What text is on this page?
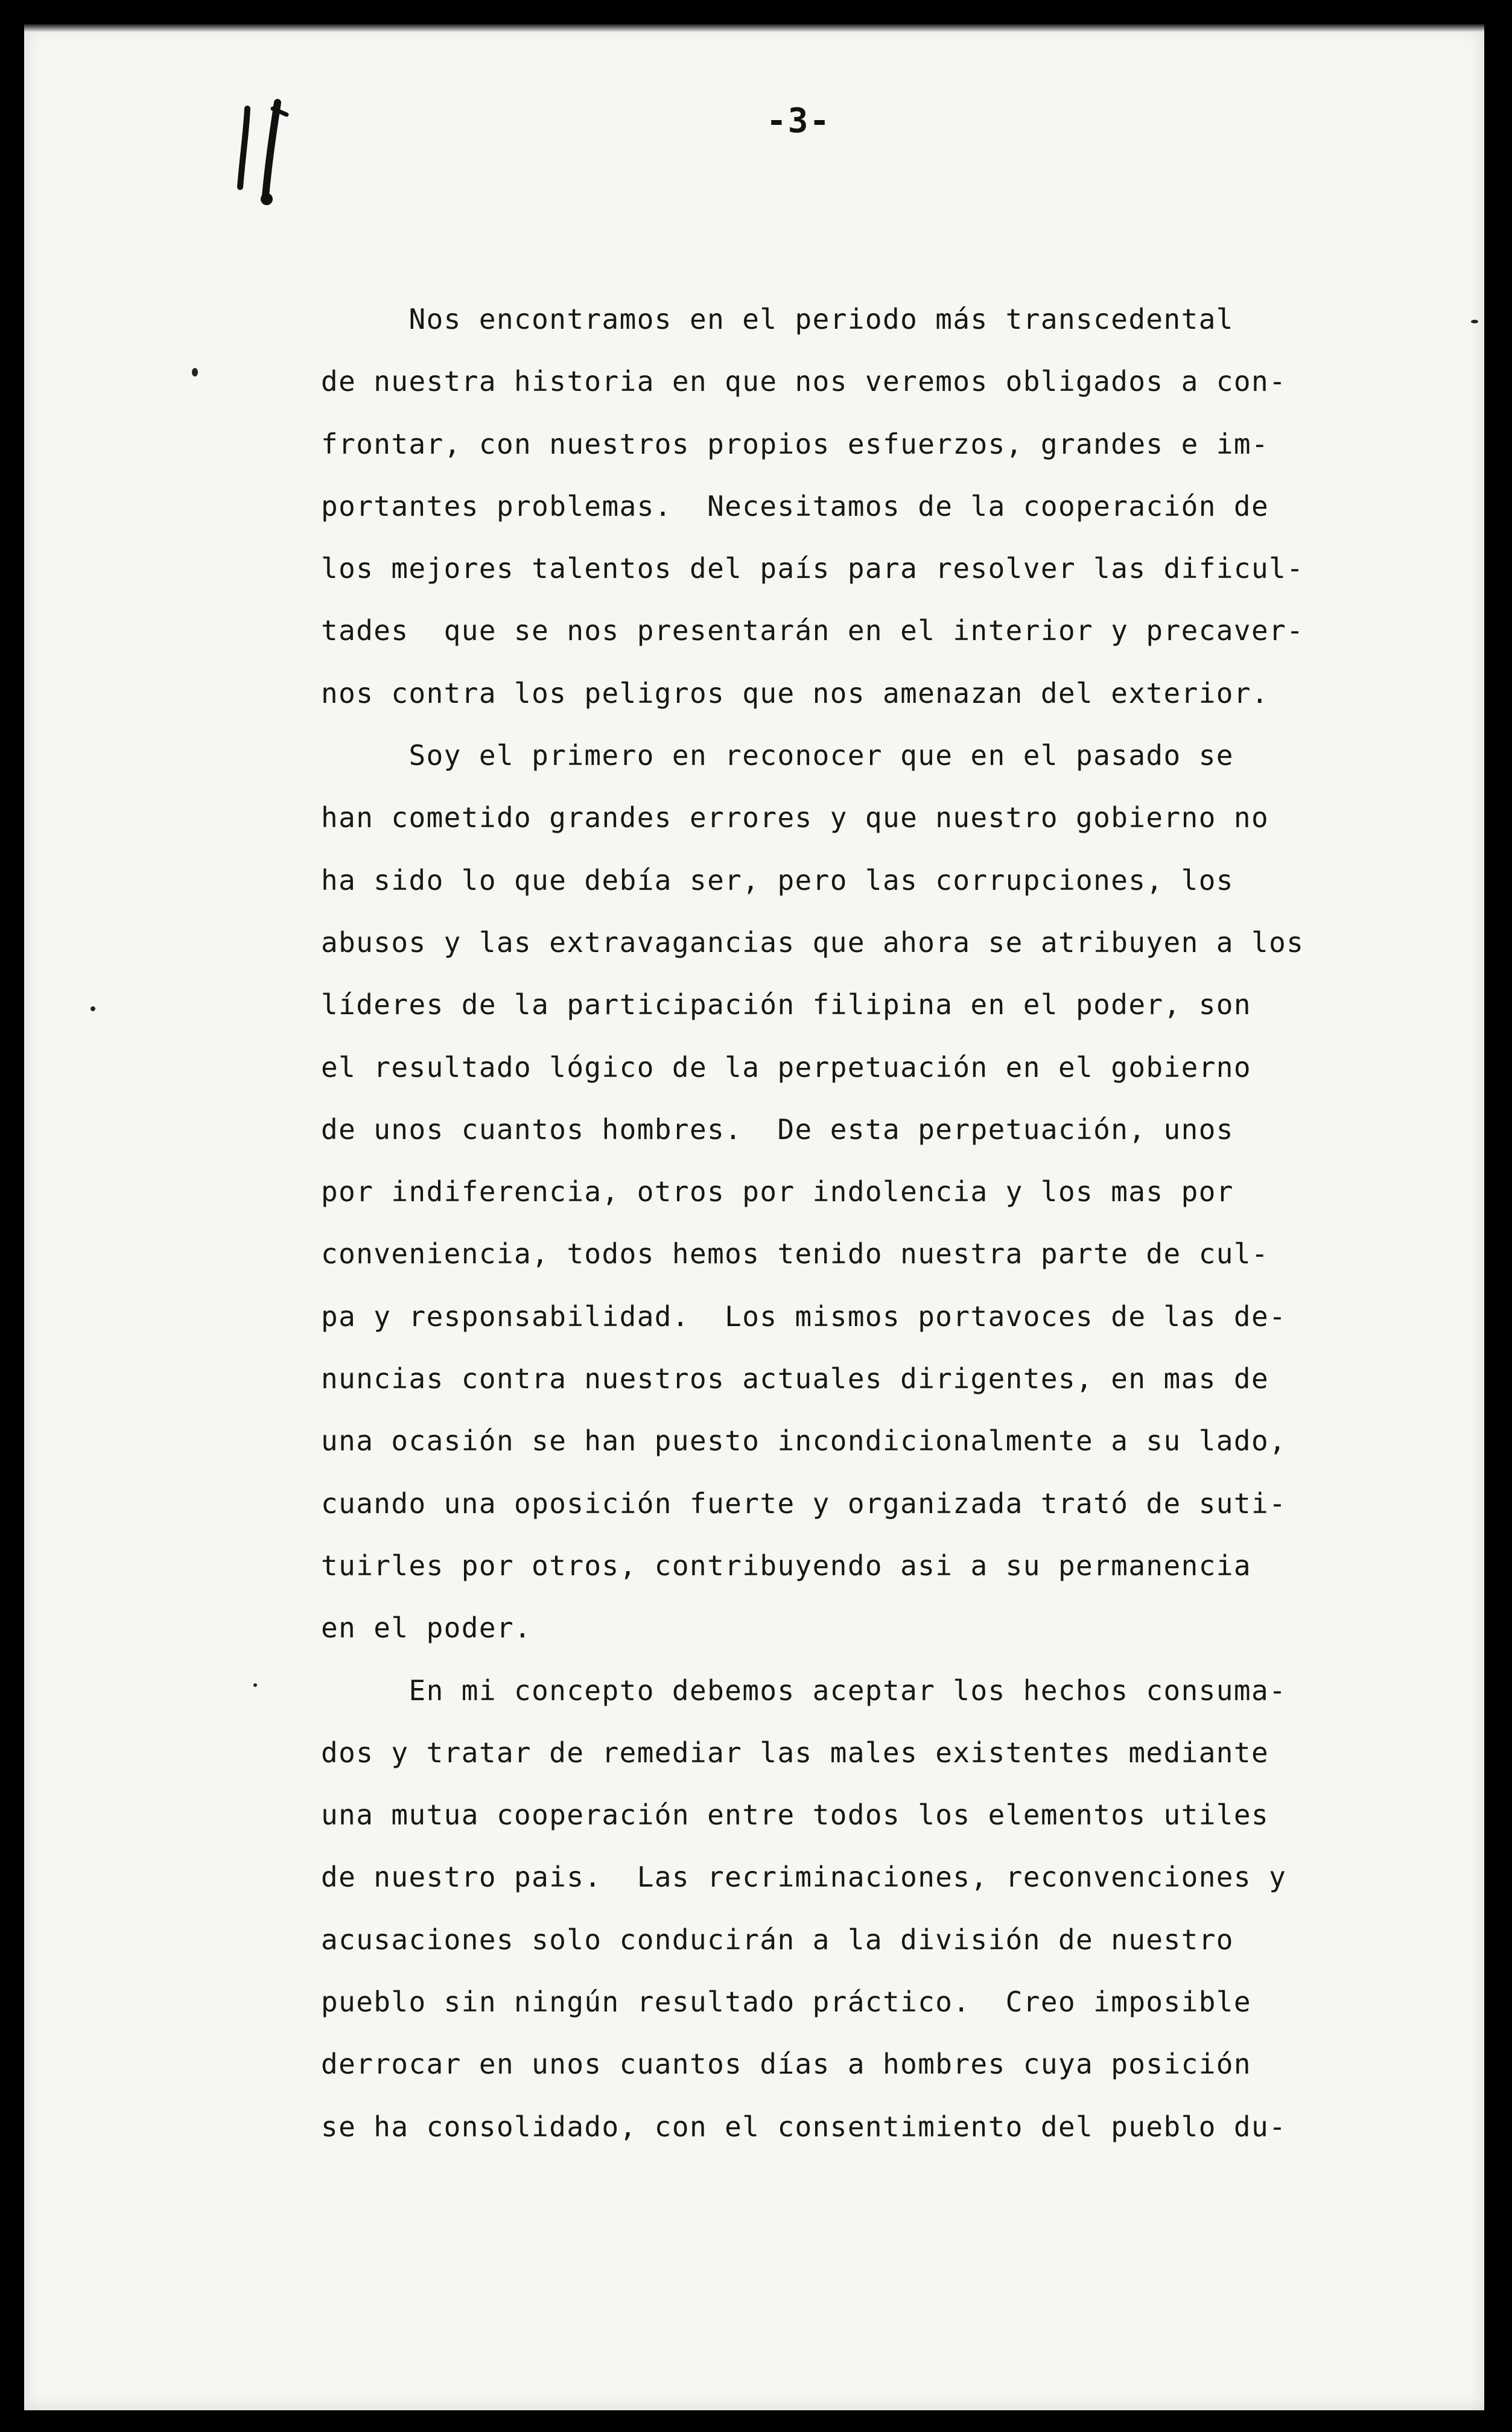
-3-
Nos encontramos en el periodo más transcedental
de nuestra historia en que nos veremos obligados a con-
frontar, con nuestros propios esfuerzos, grandes e im-
portantes problemas.  Necesitamos de la cooperación de
los mejores talentos del país para resolver las dificul-
tades  que se nos presentarán en el interior y precaver-
nos contra los peligros que nos amenazan del exterior.
Soy el primero en reconocer que en el pasado se
han cometido grandes errores y que nuestro gobierno no
ha sido lo que debía ser, pero las corrupciones, los
abusos y las extravagancias que ahora se atribuyen a los
líderes de la participación filipina en el poder, son
el resultado lógico de la perpetuación en el gobierno
de unos cuantos hombres.  De esta perpetuación, unos
por indiferencia, otros por indolencia y los mas por
conveniencia, todos hemos tenido nuestra parte de cul-
pa y responsabilidad.  Los mismos portavoces de las de-
nuncias contra nuestros actuales dirigentes, en mas de
una ocasión se han puesto incondicionalmente a su lado,
cuando una oposición fuerte y organizada trató de suti-
tuirles por otros, contribuyendo asi a su permanencia
en el poder.
En mi concepto debemos aceptar los hechos consuma-
dos y tratar de remediar las males existentes mediante
una mutua cooperación entre todos los elementos utiles
de nuestro pais.  Las recriminaciones, reconvenciones y
acusaciones solo conducirán a la división de nuestro
pueblo sin ningún resultado práctico.  Creo imposible
derrocar en unos cuantos días a hombres cuya posición
se ha consolidado, con el consentimiento del pueblo du-
